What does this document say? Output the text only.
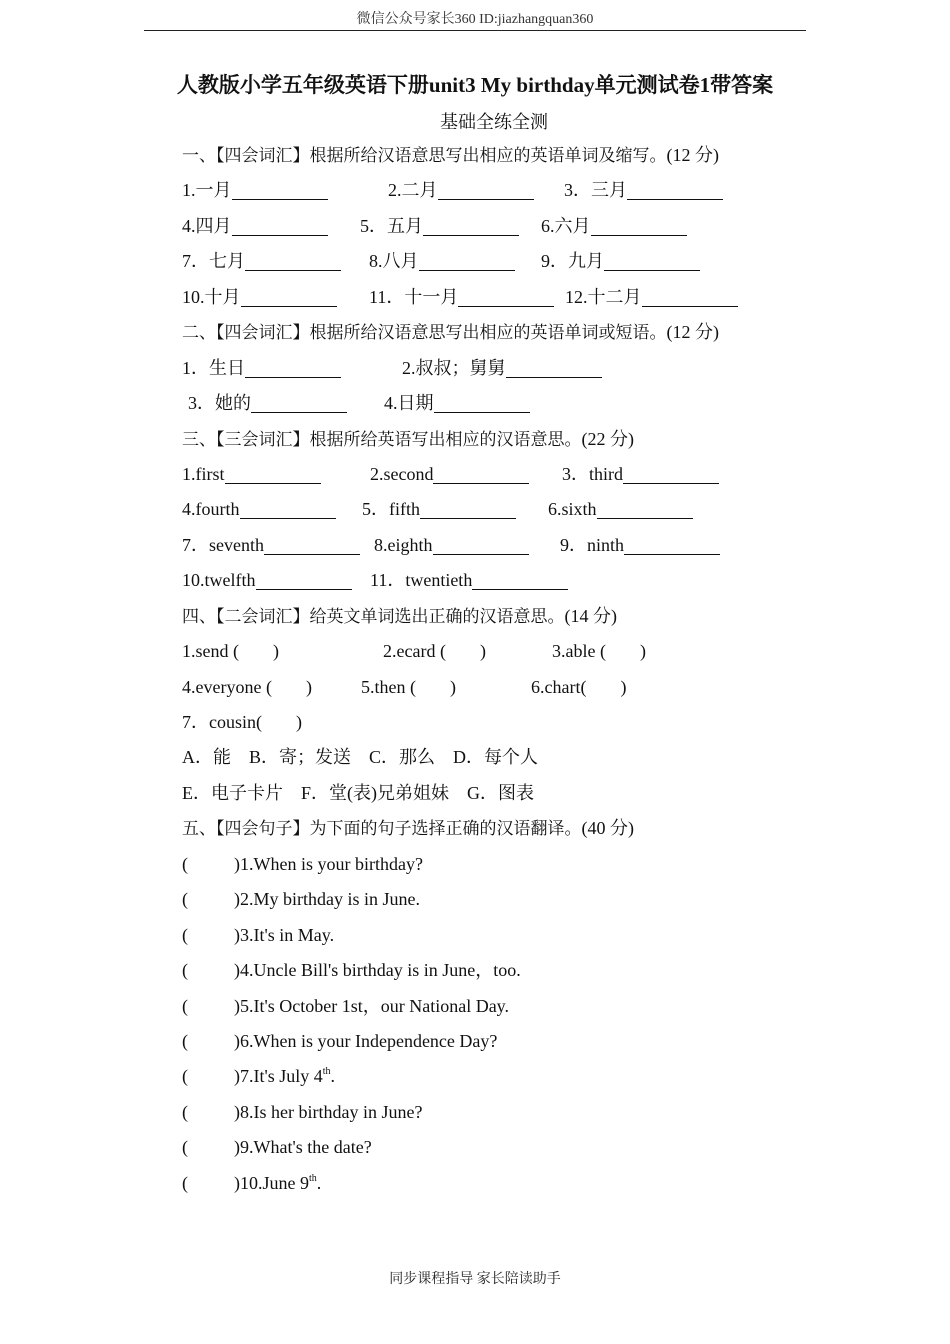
微信公众号家长360 ID:jiazhangquan360
人教版小学五年级英语下册unit3 My birthday单元测试卷1带答案
基础全练全测
一、【四会词汇】根据所给汉语意思写出相应的英语单词及缩写。(12 分)
1.一月	2.二月	3．三月
4.四月	5．五月	6.六月
7．七月	8.八月	9．九月
10.十月	11．十一月	12.十二月
二、【四会词汇】根据所给汉语意思写出相应的英语单词或短语。(12 分)
1．生日	2.叔叔；舅舅
3．她的	4.日期
三、【三会词汇】根据所给英语写出相应的汉语意思。(22 分)
1.first	2.second	3．third
4.fourth	5．fifth	6.sixth
7．seventh	8.eighth	9．ninth
10.twelfth	11．twentieth
四、【二会词汇】给英文单词选出正确的汉语意思。(14 分)
1.send ( )	2.ecard ( )	3.able ( )
4.everyone ( )	5.then ( )	6.chart( )
7．cousin( )
A．能　B．寄；发送　C．那么　D．每个人
E．电子卡片　F．堂(表)兄弟姐妹　G．图表
五、【四会句子】为下面的句子选择正确的汉语翻译。(40 分)
(	)1.When is your birthday?
(	)2.My birthday is in June.
(	)3.It's in May.
(	)4.Uncle Bill's birthday is in June，too.
(	)5.It's October 1st，our National Day.
(	)6.When is your Independence Day?
(	)7.It's July 4th.
(	)8.Is her birthday in June?
(	)9.What's the date?
(	)10.June 9th.
同步课程指导 家长陪读助手
